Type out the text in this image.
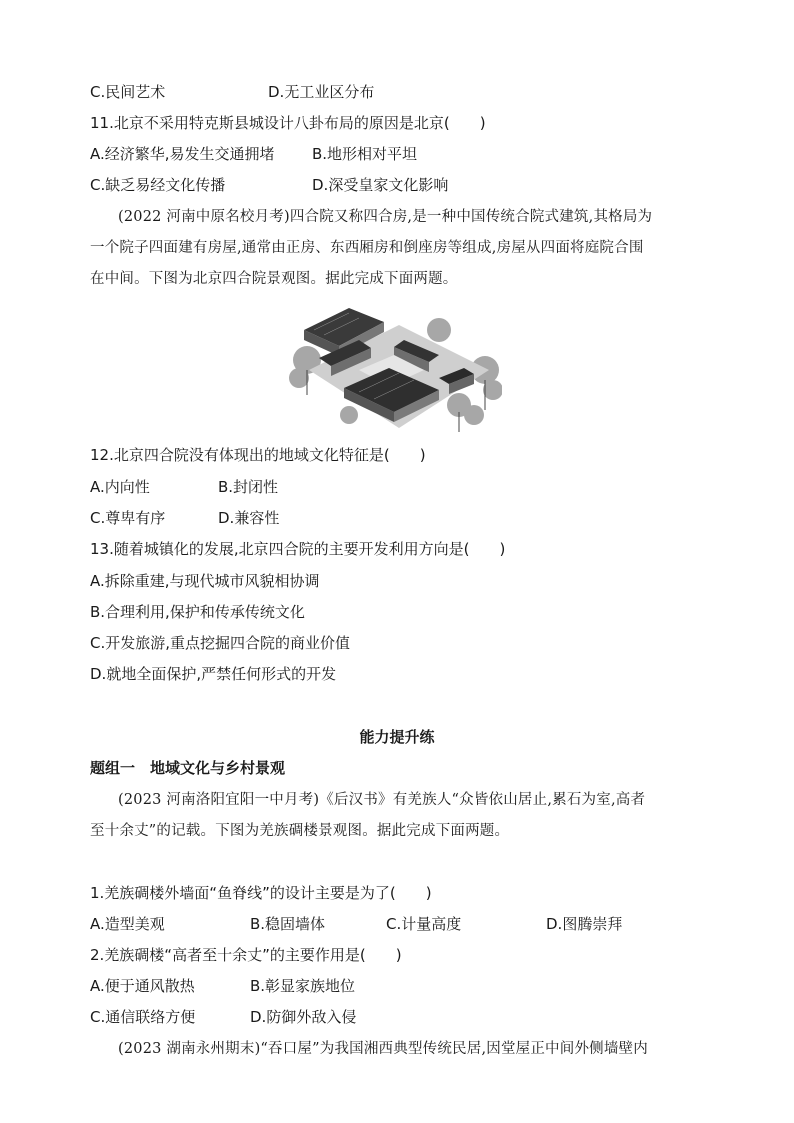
C.民间艺术	D.无工业区分布
11.北京不采用特克斯县城设计八卦布局的原因是北京(　　)
A.经济繁华,易发生交通拥堵 B.地形相对平坦
C.缺乏易经文化传播	D.深受皇家文化影响
(2022 河南中原名校月考)四合院又称四合房,是一种中国传统合院式建筑,其格局为
一个院子四面建有房屋,通常由正房、东西厢房和倒座房等组成,房屋从四面将庭院合围
在中间。下图为北京四合院景观图。据此完成下面两题。
12.北京四合院没有体现出的地域文化特征是(　　)
A.内向性	B.封闭性
C.尊卑有序	D.兼容性
13.随着城镇化的发展,北京四合院的主要开发利用方向是(　　)
A.拆除重建,与现代城市风貌相协调
B.合理利用,保护和传承传统文化
C.开发旅游,重点挖掘四合院的商业价值
D.就地全面保护,严禁任何形式的开发
能力提升练
题组一　地域文化与乡村景观
(2023 河南洛阳宜阳一中月考)《后汉书》有羌族人“众皆依山居止,累石为室,高者
至十余丈”的记载。下图为羌族碉楼景观图。据此完成下面两题。
1.羌族碉楼外墙面“鱼脊线”的设计主要是为了(　　)
A.造型美观	B.稳固墙体	C.计量高度	D.图腾崇拜
2.羌族碉楼“高者至十余丈”的主要作用是(　　)
A.便于通风散热	B.彰显家族地位
C.通信联络方便	D.防御外敌入侵
(2023 湖南永州期末)“吞口屋”为我国湘西典型传统民居,因堂屋正中间外侧墙壁内
